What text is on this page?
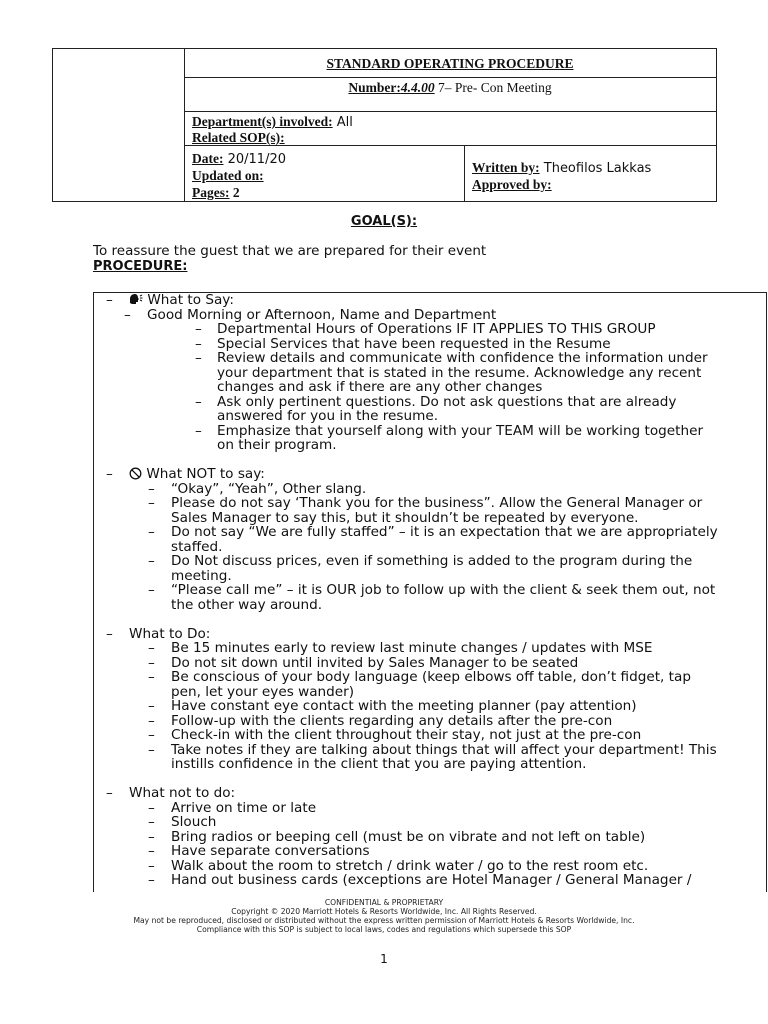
STANDARD OPERATING PROCEDURE
Number:4.4.00 7– Pre- Con Meeting
Department(s) involved: All
Related SOP(s):
Date: 20/11/20
Updated on:
Pages: 2
Written by: Theofilos Lakkas
Approved by:
GOAL(S):
To reassure the guest that we are prepared for their event
PROCEDURE:
–	What to Say:
– Good Morning or Afternoon, Name and Department
– Departmental Hours of Operations IF IT APPLIES TO THIS GROUP
– Special Services that have been requested in the Resume
– Review details and communicate with confidence the information under
your department that is stated in the resume. Acknowledge any recent
changes and ask if there are any other changes
– Ask only pertinent questions. Do not ask questions that are already
answered for you in the resume.
– Emphasize that yourself along with your TEAM will be working together
on their program.
–	What NOT to say:
– “Okay”, “Yeah”, Other slang.
– Please do not say ‘Thank you for the business”. Allow the General Manager or
Sales Manager to say this, but it shouldn’t be repeated by everyone.
– Do not say “We are fully staffed” – it is an expectation that we are appropriately
staffed.
– Do Not discuss prices, even if something is added to the program during the
meeting.
– “Please call me” – it is OUR job to follow up with the client & seek them out, not
the other way around.
– What to Do:
– Be 15 minutes early to review last minute changes / updates with MSE
– Do not sit down until invited by Sales Manager to be seated
– Be conscious of your body language (keep elbows off table, don’t fidget, tap
pen, let your eyes wander)
– Have constant eye contact with the meeting planner (pay attention)
– Follow-up with the clients regarding any details after the pre-con
– Check-in with the client throughout their stay, not just at the pre-con
– Take notes if they are talking about things that will affect your department! This
instills confidence in the client that you are paying attention.
– What not to do:
– Arrive on time or late
– Slouch
– Bring radios or beeping cell (must be on vibrate and not left on table)
– Have separate conversations
– Walk about the room to stretch / drink water / go to the rest room etc.
– Hand out business cards (exceptions are Hotel Manager / General Manager /
CONFIDENTIAL & PROPRIETARY
Copyright © 2020 Marriott Hotels & Resorts Worldwide, Inc. All Rights Reserved.
May not be reproduced, disclosed or distributed without the express written permission of Marriott Hotels & Resorts Worldwide, Inc.
Compliance with this SOP is subject to local laws, codes and regulations which supersede this SOP
1
